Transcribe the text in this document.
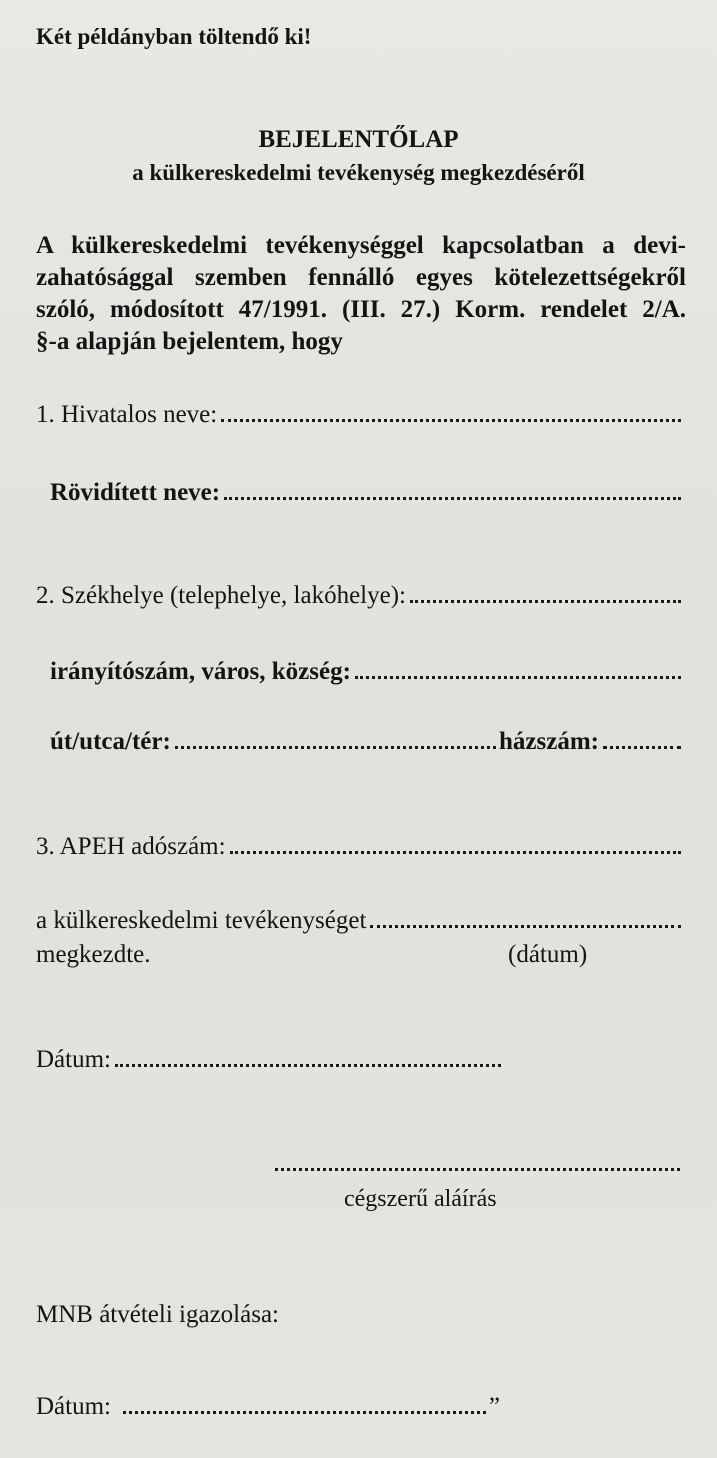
Két példányban töltendő ki!
BEJELENTŐLAP
a külkereskedelmi tevékenység megkezdéséről
A külkereskedelmi tevékenységgel kapcsolatban a devi-
zahatósággal szemben fennálló egyes kötelezettségekről
szóló, módosított 47/1991. (III. 27.) Korm. rendelet 2/A.
§-a alapján bejelentem, hogy
1. Hivatalos neve:
Rövidített neve:
2. Székhelye (telephelye, lakóhelye):
irányítószám, város, község:
út/utca/tér:	házszám:
3. APEH adószám:
a külkereskedelmi tevékenységet
megkezdte.	(dátum)
Dátum:
cégszerű aláírás
MNB átvételi igazolása:
Dátum:	”
